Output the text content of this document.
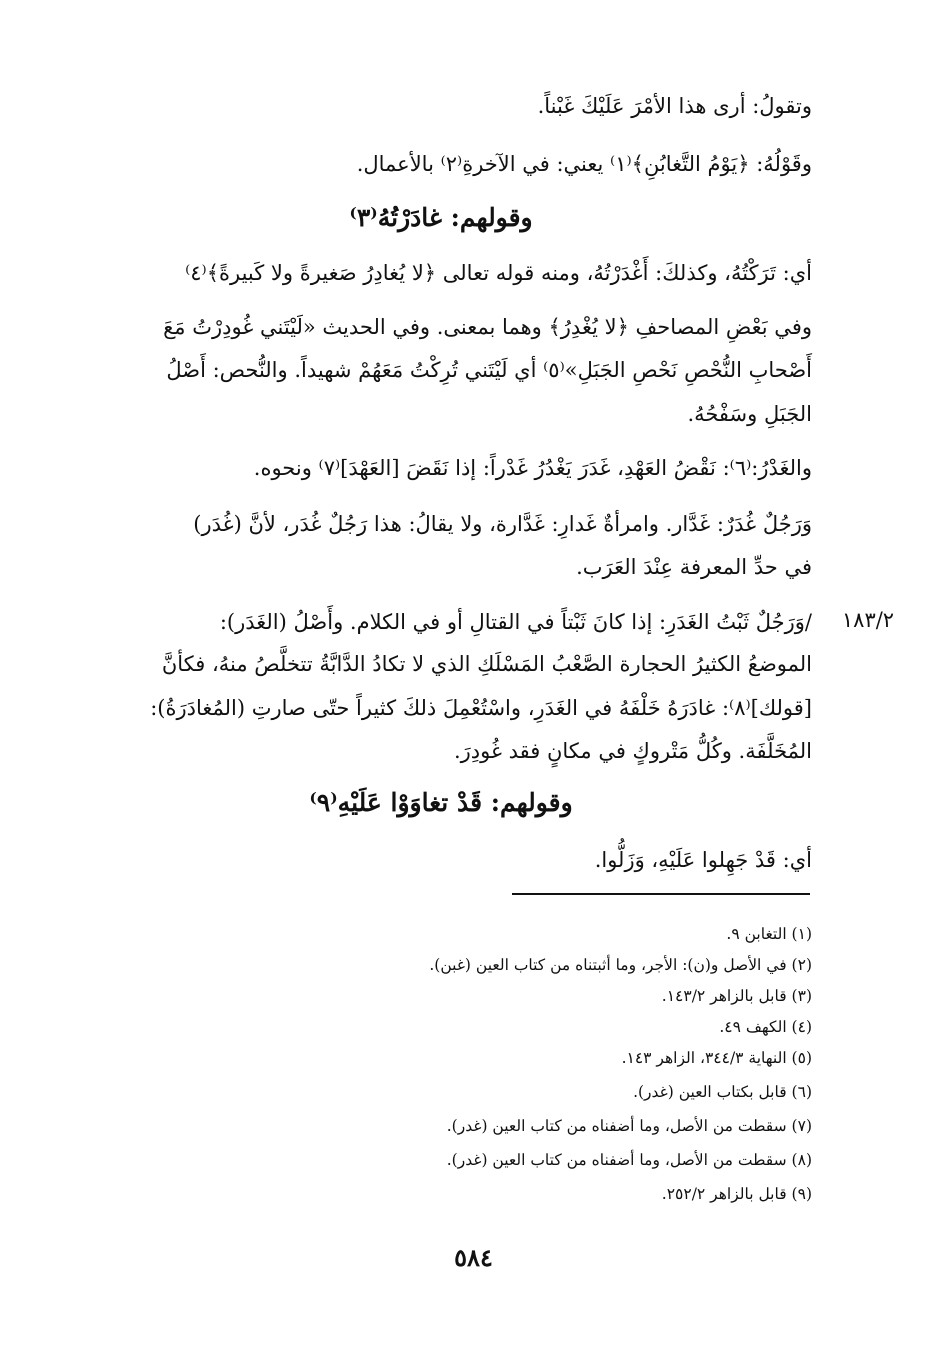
وتقولُ: أرى هذا الأمْرَ عَلَيْكَ غَبْناً.
وقَوْلُهُ: ﴿يَوْمُ التَّغابُنِ﴾⁽١⁾ يعني: في الآخرةِ⁽٢⁾ بالأعمال.
وقولهم: غادَرْتُهُ⁽٣⁾
أي: تَرَكْتُهُ، وكذلكَ: أَغْدَرْتُهُ، ومنه قوله تعالى ﴿لا يُغادِرُ صَغيرةً ولا كَبيرةً﴾⁽٤⁾
وفي بَعْضِ المصاحفِ ﴿لا يُغْدِرُ﴾ وهما بمعنى. وفي الحديث «لَيْتَني غُودِرْتُ مَعَ
أَصْحابِ النُّحْصِ نَحْصِ الجَبَلِ»⁽٥⁾ أي لَيْتَني تُرِكْتُ مَعَهُمْ شهيداً. والنُّحص: أَصْلُ
الجَبَلِ وسَفْحُهُ.
والغَدْرُ:⁽٦⁾: نَقْضُ العَهْدِ، غَدَرَ يَغْدُرُ غَدْراً: إذا نَقَضَ [العَهْدَ]⁽٧⁾ ونحوه.
وَرَجُلٌ غُدَرٌ: غَدَّار. وامرأةٌ غَدارِ: غَدَّارة، ولا يقالُ: هذا رَجُلٌ غُدَر، لأنَّ (غُدَر)
في حدِّ المعرفة عِنْدَ العَرَب.
١٨٣/٢
/وَرَجُلٌ ثَبْتُ الغَدَرِ: إذا كانَ ثَبْتاً في القتالِ أو في الكلام. وأَصْلُ (الغَدَر):
الموضعُ الكثيرُ الحجارة الصَّعْبُ المَسْلَكِ الذي لا تكادُ الدَّابَّةُ تتخلَّصُ منهُ، فكأنَّ
[قولك]⁽٨⁾: غادَرَهُ خَلْفَهُ في الغَدَرِ، واسْتُعْمِلَ ذلكَ كثيراً حتّى صارتِ (المُغادَرَةُ):
المُخَلَّفَة. وكُلُّ مَتْروكٍ في مكانٍ فقد غُودِرَ.
وقولهم: قَدْ تغاوَوْا عَلَيْهِ⁽٩⁾
أي: قَدْ جَهِلوا عَلَيْهِ، وَزَلُّوا.
(١) التغابن ٩.
(٢) في الأصل و(ن): الأجر، وما أثبتناه من كتاب العين (غبن).
(٣) قابل بالزاهر ١٤٣/٢.
(٤) الكهف ٤٩.
(٥) النهاية ٣٤٤/٣، الزاهر ١٤٣.
(٦) قابل بكتاب العين (غدر).
(٧) سقطت من الأصل، وما أضفناه من كتاب العين (غدر).
(٨) سقطت من الأصل، وما أضفناه من كتاب العين (غدر).
(٩) قابل بالزاهر ٢٥٢/٢.
٥٨٤
